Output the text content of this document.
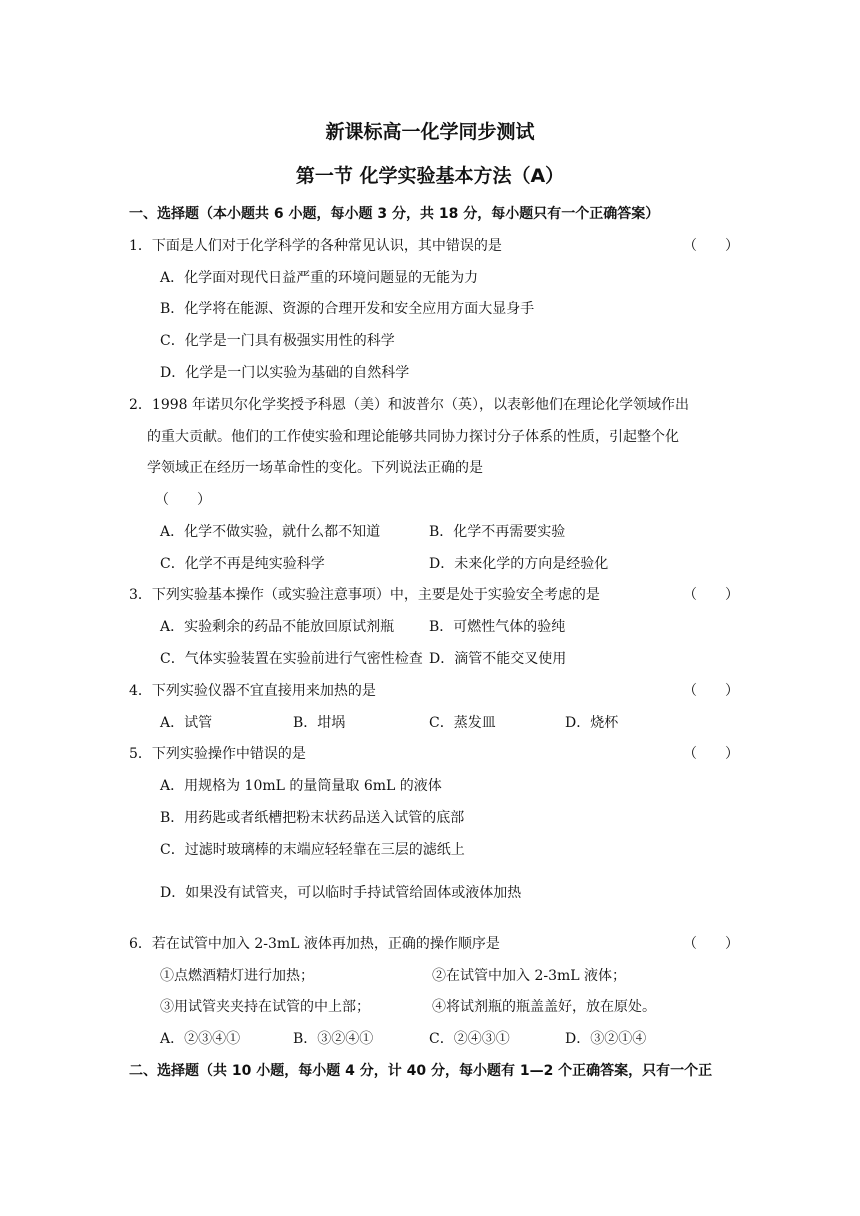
新课标高一化学同步测试
第一节 化学实验基本方法（A）
一、选择题（本小题共 6 小题，每小题 3 分，共 18 分，每小题只有一个正确答案）
1．下面是人们对于化学科学的各种常见认识，其中错误的是	（　　）
A．化学面对现代日益严重的环境问题显的无能为力
B．化学将在能源、资源的合理开发和安全应用方面大显身手
C．化学是一门具有极强实用性的科学
D．化学是一门以实验为基础的自然科学
2．1998 年诺贝尔化学奖授予科恩（美）和波普尔（英），以表彰他们在理论化学领域作出
的重大贡献。他们的工作使实验和理论能够共同协力探讨分子体系的性质，引起整个化
学领域正在经历一场革命性的变化。下列说法正确的是
（　　）
A．化学不做实验，就什么都不知道	B．化学不再需要实验
C．化学不再是纯实验科学	D．未来化学的方向是经验化
3．下列实验基本操作（或实验注意事项）中，主要是处于实验安全考虑的是	（　　）
A．实验剩余的药品不能放回原试剂瓶 B．可燃性气体的验纯
C．气体实验装置在实验前进行气密性检查 D．滴管不能交叉使用
4．下列实验仪器不宜直接用来加热的是	（　　）
A．试管	B．坩埚	C．蒸发皿	D．烧杯
5．下列实验操作中错误的是	（　　）
A．用规格为 10mL 的量筒量取 6mL 的液体
B．用药匙或者纸槽把粉末状药品送入试管的底部
C．过滤时玻璃棒的末端应轻轻靠在三层的滤纸上
D．如果没有试管夹，可以临时手持试管给固体或液体加热
6．若在试管中加入 2-3mL 液体再加热，正确的操作顺序是	（　　）
①点燃酒精灯进行加热；	②在试管中加入 2-3mL 液体；
③用试管夹夹持在试管的中上部；	④将试剂瓶的瓶盖盖好，放在原处。
A．②③④①	B．③②④①	C．②④③①	D．③②①④
二、选择题（共 10 小题，每小题 4 分，计 40 分，每小题有 1—2 个正确答案，只有一个正
